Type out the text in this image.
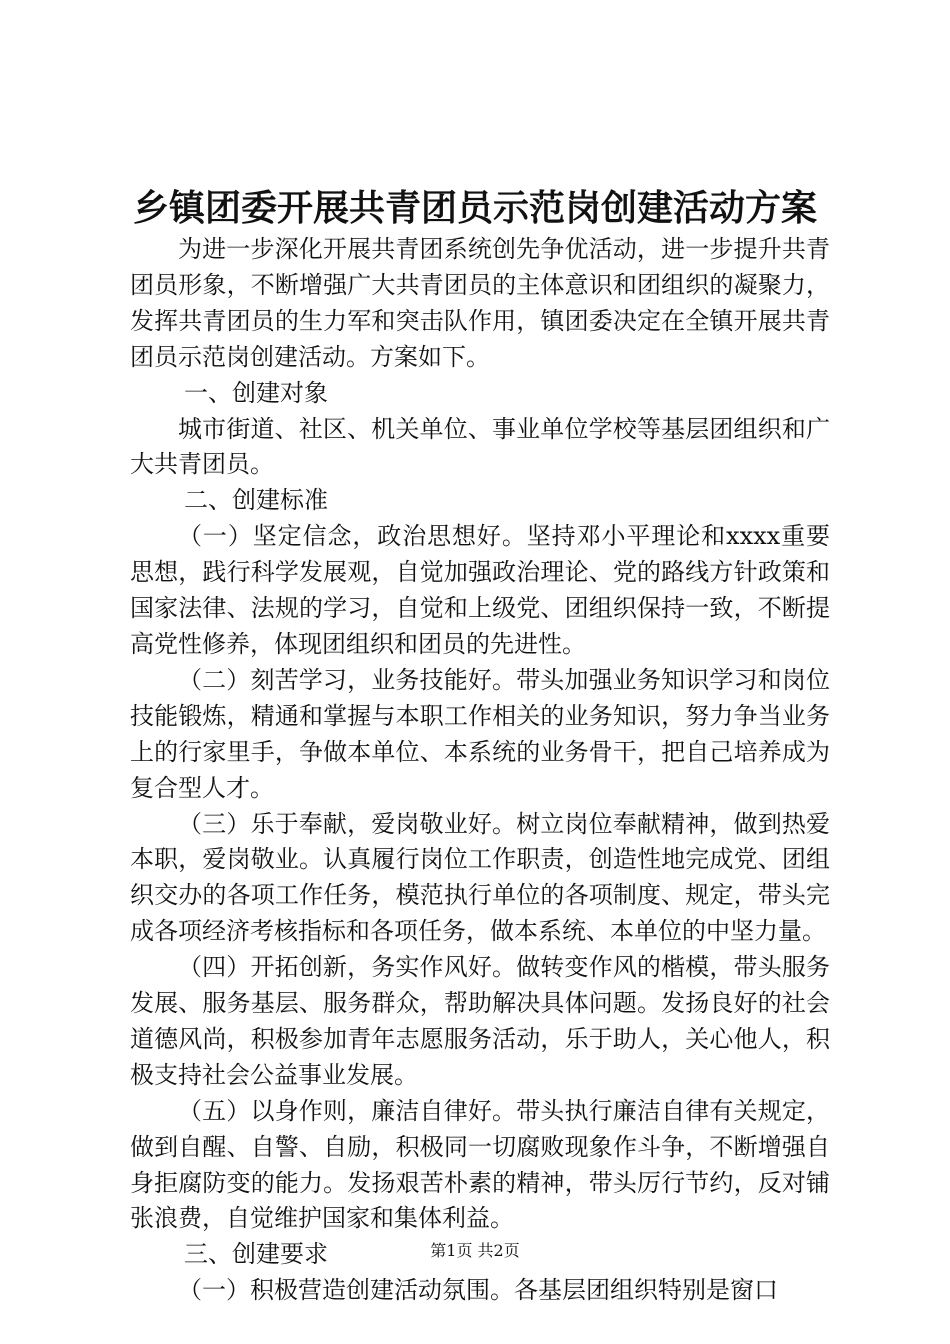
乡镇团委开展共青团员示范岗创建活动方案

为进一步深化开展共青团系统创先争优活动，进一步提升共青团员形象，不断增强广大共青团员的主体意识和团组织的凝聚力，发挥共青团员的生力军和突击队作用，镇团委决定在全镇开展共青团员示范岗创建活动。方案如下。

一、创建对象

城市街道、社区、机关单位、事业单位学校等基层团组织和广大共青团员。

二、创建标准

（一）坚定信念，政治思想好。坚持邓小平理论和xxxx重要思想，践行科学发展观，自觉加强政治理论、党的路线方针政策和国家法律、法规的学习，自觉和上级党、团组织保持一致，不断提高党性修养，体现团组织和团员的先进性。

（二）刻苦学习，业务技能好。带头加强业务知识学习和岗位技能锻炼，精通和掌握与本职工作相关的业务知识，努力争当业务上的行家里手，争做本单位、本系统的业务骨干，把自己培养成为复合型人才。

（三）乐于奉献，爱岗敬业好。树立岗位奉献精神，做到热爱本职，爱岗敬业。认真履行岗位工作职责，创造性地完成党、团组织交办的各项工作任务，模范执行单位的各项制度、规定，带头完成各项经济考核指标和各项任务，做本系统、本单位的中坚力量。

（四）开拓创新，务实作风好。做转变作风的楷模，带头服务发展、服务基层、服务群众，帮助解决具体问题。发扬良好的社会道德风尚，积极参加青年志愿服务活动，乐于助人，关心他人，积极支持社会公益事业发展。

（五）以身作则，廉洁自律好。带头执行廉洁自律有关规定，做到自醒、自警、自励，积极同一切腐败现象作斗争，不断增强自身拒腐防变的能力。发扬艰苦朴素的精神，带头厉行节约，反对铺张浪费，自觉维护国家和集体利益。

三、创建要求

（一）积极营造创建活动氛围。各基层团组织特别是窗口

第1页 共2页
